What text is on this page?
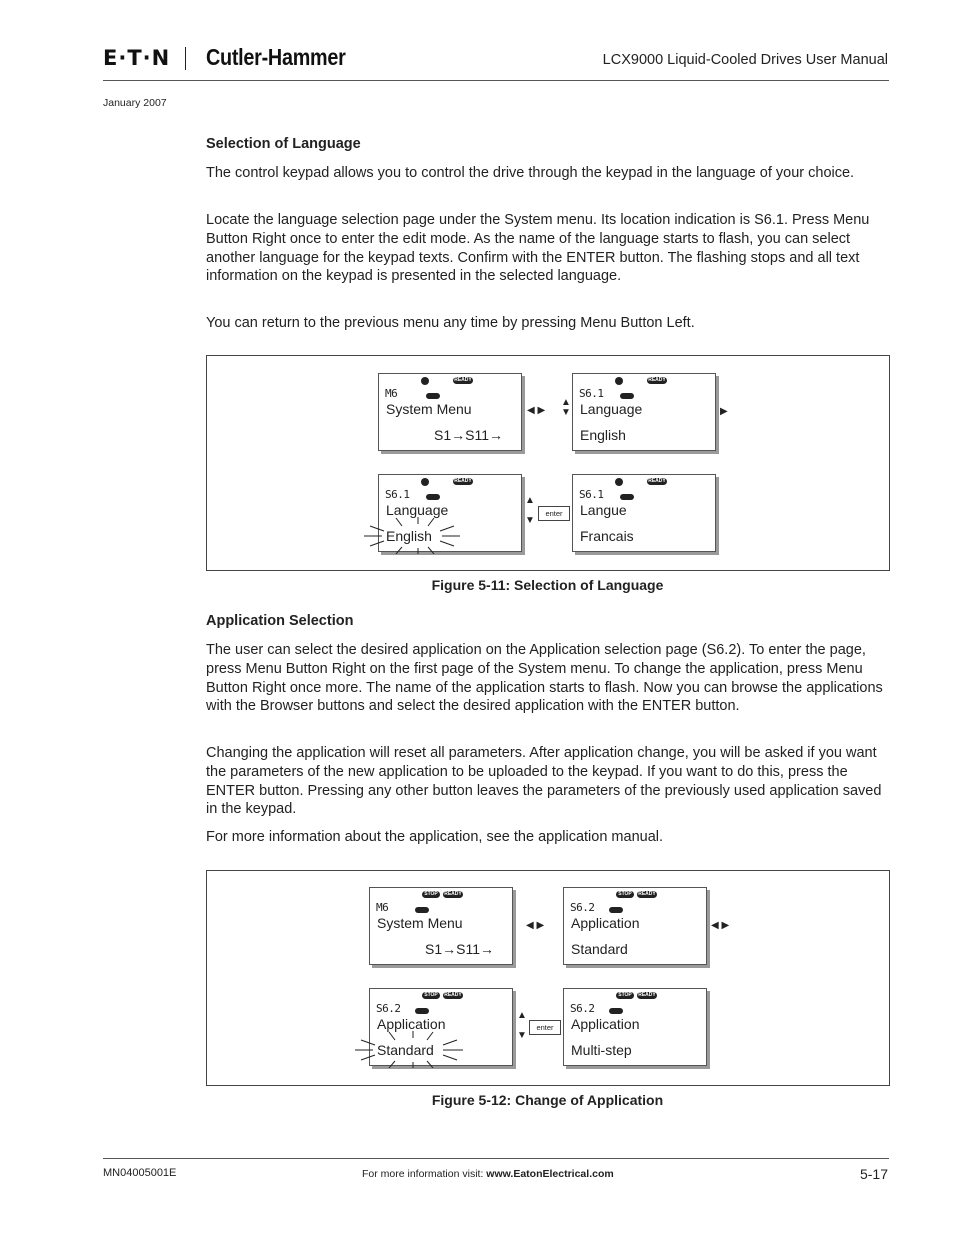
E·T·N Cutler-Hammer	LCX9000 Liquid-Cooled Drives User Manual
January 2007
Selection of Language

The control keypad allows you to control the drive through the keypad in the language of your choice.

Locate the language selection page under the System menu. Its location indication is S6.1. Press Menu Button Right once to enter the edit mode. As the name of the language starts to flash, you can select another language for the keypad texts. Confirm with the ENTER button. The flashing stops and all text information on the keypad is presented in the selected language.

You can return to the previous menu any time by pressing Menu Button Left.

READY
M6
System Menu
S1→S11→
◀ ▶
▲
▼
READY
S6.1
Language
English
▶
READY
S6.1
Language
English
▲

▼
enter
READY
S6.1
Langue
Francais
Figure 5-11: Selection of Language
Application Selection

The user can select the desired application on the Application selection page (S6.2). To enter the page, press Menu Button Right on the first page of the System menu. To change the application, press Menu Button Right once more. The name of the application starts to flash. Now you can browse the applications with the Browser buttons and select the desired application with the ENTER button.

Changing the application will reset all parameters. After application change, you will be asked if you want the parameters of the new application to be uploaded to the keypad. If you want to do this, press the ENTER button. Pressing any other button leaves the parameters of the previously used application saved in the keypad.

For more information about the application, see the application manual.

STOP	READY
M6
System Menu
S1→S11→
◀ ▶
STOP	READY
S6.2
Application
Standard
◀ ▶
STOP	READY
S6.2
Application
Standard
▲

▼
enter
STOP	READY
S6.2
Application
Multi-step
Figure 5-12: Change of Application
MN04005001E	For more information visit: www.EatonElectrical.com	5-17
